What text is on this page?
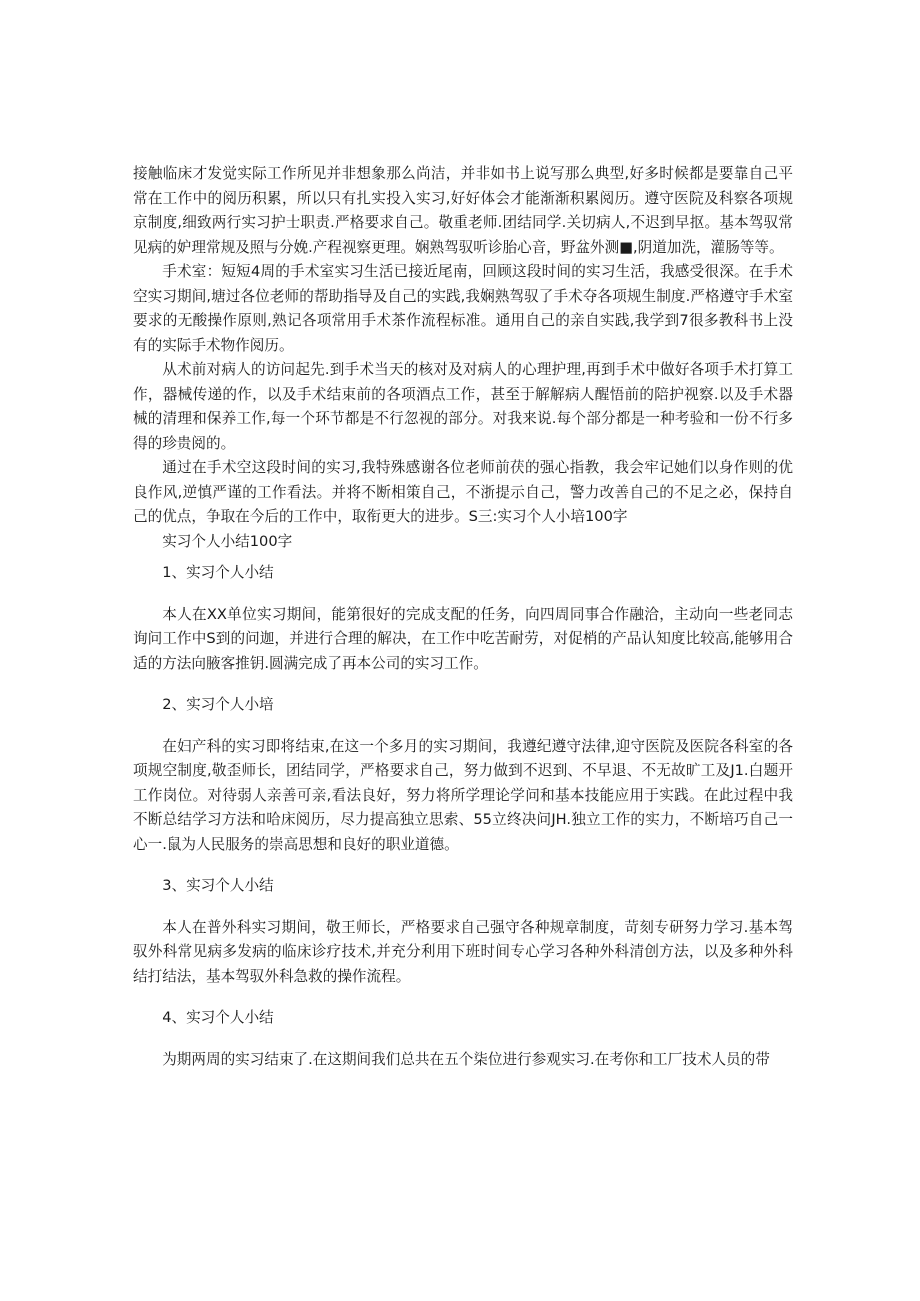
接触临床才发觉实际工作所见并非想象那么尚洁，并非如书上说写那么典型,好多时候都是要靠自己平常在工作中的阅历积累，所以只有扎实投入实习,好好体会才能渐渐积累阅历。遵守医院及科察各项规京制度,细致两行实习护士职责.严格要求自己。敬重老师.团结同学.关切病人,不迟到早抠。基本驾驭常见病的妒理常规及照与分娩.产程视察更理。娴熟驾驭听诊胎心音，野盆外测■,阴道加洗，灌肠等等。

手术室：短短4周的手术室实习生活已接近尾南，回顾这段时间的实习生活，我感受很深。在手术空实习期间,塘过各位老师的帮助指导及自己的实践,我娴熟驾驭了手术夺各项规生制度.严格遵守手术室要求的无酸操作原则,熟记各项常用手术茶作流程标准。通用自己的亲自实践,我学到7很多教科书上没有的实际手术物作阅历。

从术前对病人的访问起先.到手术当天的核对及对病人的心理护理,再到手术中做好各项手术打算工作，器械传递的作，以及手术结束前的各项酒点工作，甚至于解解病人醒悟前的陪护视察.以及手术器械的清理和保养工作,每一个环节都是不行忽视的部分。对我来说.每个部分都是一种考验和一份不行多得的珍贵阅的。

通过在手术空这段时间的实习,我特殊感谢各位老师前茯的强心指教，我会牢记她们以身作则的优良作风,逆慎严谨的工作看法。并将不断相策自己，不浙提示自己，警力改善自己的不足之必，保持自己的优点，争取在今后的工作中，取衔更大的进步。S三:实习个人小培100字

实习个人小结100字

1、实习个人小结

本人在XX单位实习期间，能第很好的完成支配的任务，向四周同事合作融洽，主动向一些老同志询问工作中S到的问迦，并进行合理的解决，在工作中吃苦耐劳，对促梢的产品认知度比较高,能够用合适的方法向腋客推钥.圆满完成了再本公司的实习工作。

2、实习个人小培

在妇产科的实习即将结束,在这一个多月的实习期间，我遵纪遵守法律,迎守医院及医院各科室的各项规空制度,敬歪师长，团结同学，严格要求自己，努力做到不迟到、不早退、不无故旷工及J1.白题开工作岗位。对待弱人亲善可亲,看法良好，努力将所学理论学问和基本技能应用于实践。在此过程中我不断总结学习方法和哈床阅历，尽力提高独立思索、55立终决问JH.独立工作的实力，不断培巧自己一心一.鼠为人民服务的崇高思想和良好的职业道德。

3、实习个人小结

本人在普外科实习期间，敬王师长，严格要求自己强守各种规章制度，苛刻专研努力学习.基本驾驭外科常见病多发病的临床诊疗技术,并充分利用下班时间专心学习各种外科清创方法，以及多种外科结打结法，基本驾驭外科急救的操作流程。

4、实习个人小结

为期两周的实习结束了.在这期间我们总共在五个柒位进行参观实习.在考你和工厂技术人员的带
